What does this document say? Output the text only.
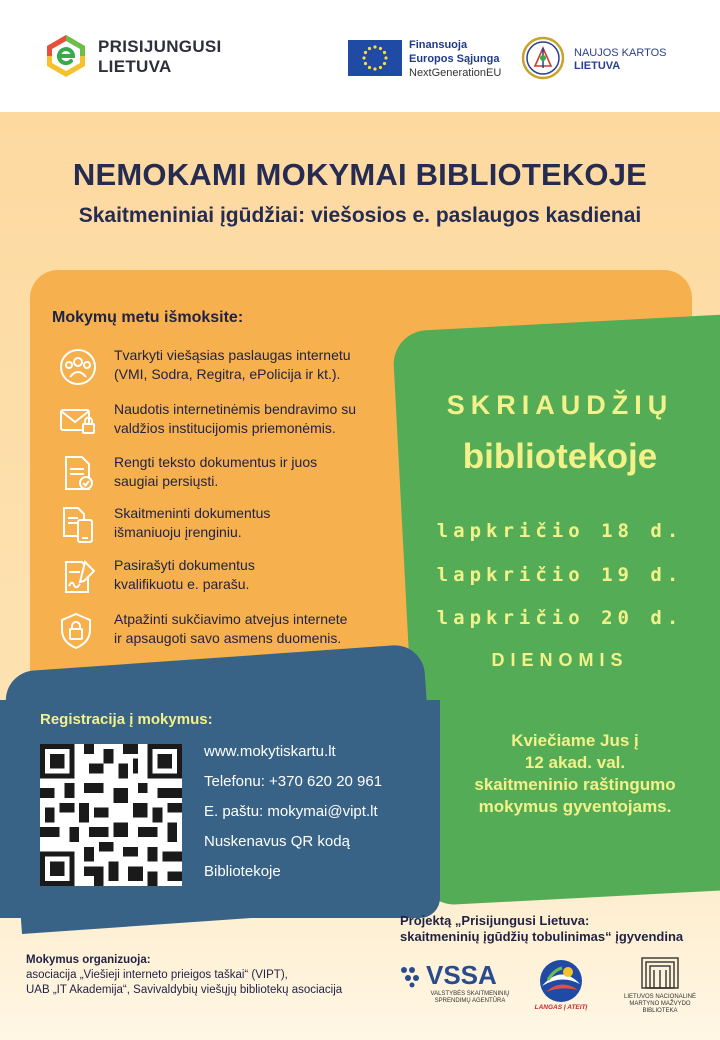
PRISIJUNGUSI
LIETUVA
Finansuoja
Europos Sąjunga
NextGenerationEU
NAUJOS KARTOS
LIETUVA
NEMOKAMI MOKYMAI BIBLIOTEKOJE
Skaitmeniniai įgūdžiai: viešosios e. paslaugos kasdienai
Mokymų metu išmoksite:
Tvarkyti viešąsias paslaugas internetu
(VMI, Sodra, Regitra, ePolicija ir kt.).
Naudotis internetinėmis bendravimo su
valdžios institucijomis priemonėmis.
Rengti teksto dokumentus ir juos
saugiai persiųsti.
Skaitmeninti dokumentus
išmaniuoju įrenginiu.
Pasirašyti dokumentus
kvalifikuotu e. parašu.
Atpažinti sukčiavimo atvejus internete
ir apsaugoti savo asmens duomenis.
SKRIAUDŽIŲ
bibliotekoje
lapkričio 18 d.
lapkričio 19 d.
lapkričio 20 d.
DIENOMIS
Kviečiame Jus į
12 akad. val.
skaitmeninio raštingumo
mokymus gyventojams.
Registracija į mokymus:
www.mokytiskartu.lt
Telefonu: +370 620 20 961
E. paštu: mokymai@vipt.lt
Nuskenavus QR kodą
Bibliotekoje
Mokymus organizuoja:
asociacija „Viešieji interneto prieigos taškai“ (VIPT),
UAB „IT Akademija“, Savivaldybių viešųjų bibliotekų asociacija
Projektą „Prisijungusi Lietuva:
skaitmeninių įgūdžių tobulinimas“ įgyvendina
VSSA
VALSTYBĖS SKAITMENINIŲ
SPRENDIMŲ AGENTŪRA
LANGAS Į ATEITĮ
LIETUVOS NACIONALINĖ
MARTYNO MAŽVYDO
BIBLIOTEKA
